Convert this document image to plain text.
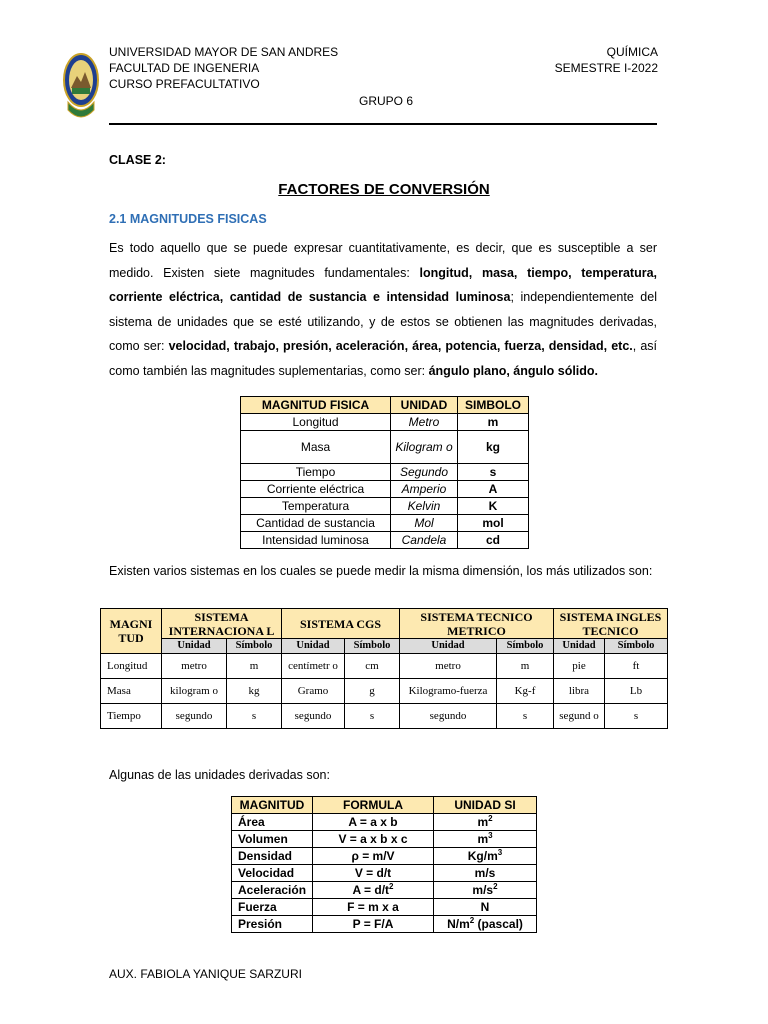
UNIVERSIDAD MAYOR DE SAN ANDRES
FACULTAD DE INGENERIA
CURSO PREFACULTATIVO
QUÍMICA
SEMESTRE I-2022
GRUPO 6
CLASE 2:
FACTORES DE CONVERSIÓN
2.1 MAGNITUDES FISICAS
Es todo aquello que se puede expresar cuantitativamente, es decir, que es susceptible a ser medido. Existen siete magnitudes fundamentales: longitud, masa, tiempo, temperatura, corriente eléctrica, cantidad de sustancia e intensidad luminosa; independientemente del sistema de unidades que se esté utilizando, y de estos se obtienen las magnitudes derivadas, como ser: velocidad, trabajo, presión, aceleración, área, potencia, fuerza, densidad, etc., así como también las magnitudes suplementarias, como ser: ángulo plano, ángulo sólido.
MAGNITUD FISICA	UNIDAD	SIMBOLO
Longitud	Metro	m
Masa	Kilogram o	kg
Tiempo	Segundo	s
Corriente eléctrica	Amperio	A
Temperatura	Kelvin	K
Cantidad de sustancia	Mol	mol
Intensidad luminosa	Candela	cd
Existen varios sistemas en los cuales se puede medir la misma dimensión, los más utilizados son:
MAGNI TUD	SISTEMA INTERNACIONA L		SISTEMA CGS		SISTEMA TECNICO METRICO		SISTEMA INGLES TECNICO	
	Unidad	Símbolo	Unidad	Símbolo	Unidad	Símbolo	Unidad	Símbolo
Longitud	metro	m	centímetr o	cm	metro	m	pie	ft
Masa	kilogram o	kg	Gramo	g	Kilogramo-fuerza	Kg-f	libra	Lb
Tiempo	segundo	s	segundo	s	segundo	s	segund o	s
Algunas de las unidades derivadas son:
MAGNITUD	FORMULA	UNIDAD SI
Área	A = a x b	$m^2$
Volumen	V = a x b x c	$m^3$
Densidad	ρ = m/V	$Kg/m^3$
Velocidad	V = d/t	m/s
Aceleración	$A = d/t^2$	$m/s^2$
Fuerza	F = m x a	N
Presión	P = F/A	$N/m^2$ (pascal)
AUX. FABIOLA YANIQUE SARZURI
